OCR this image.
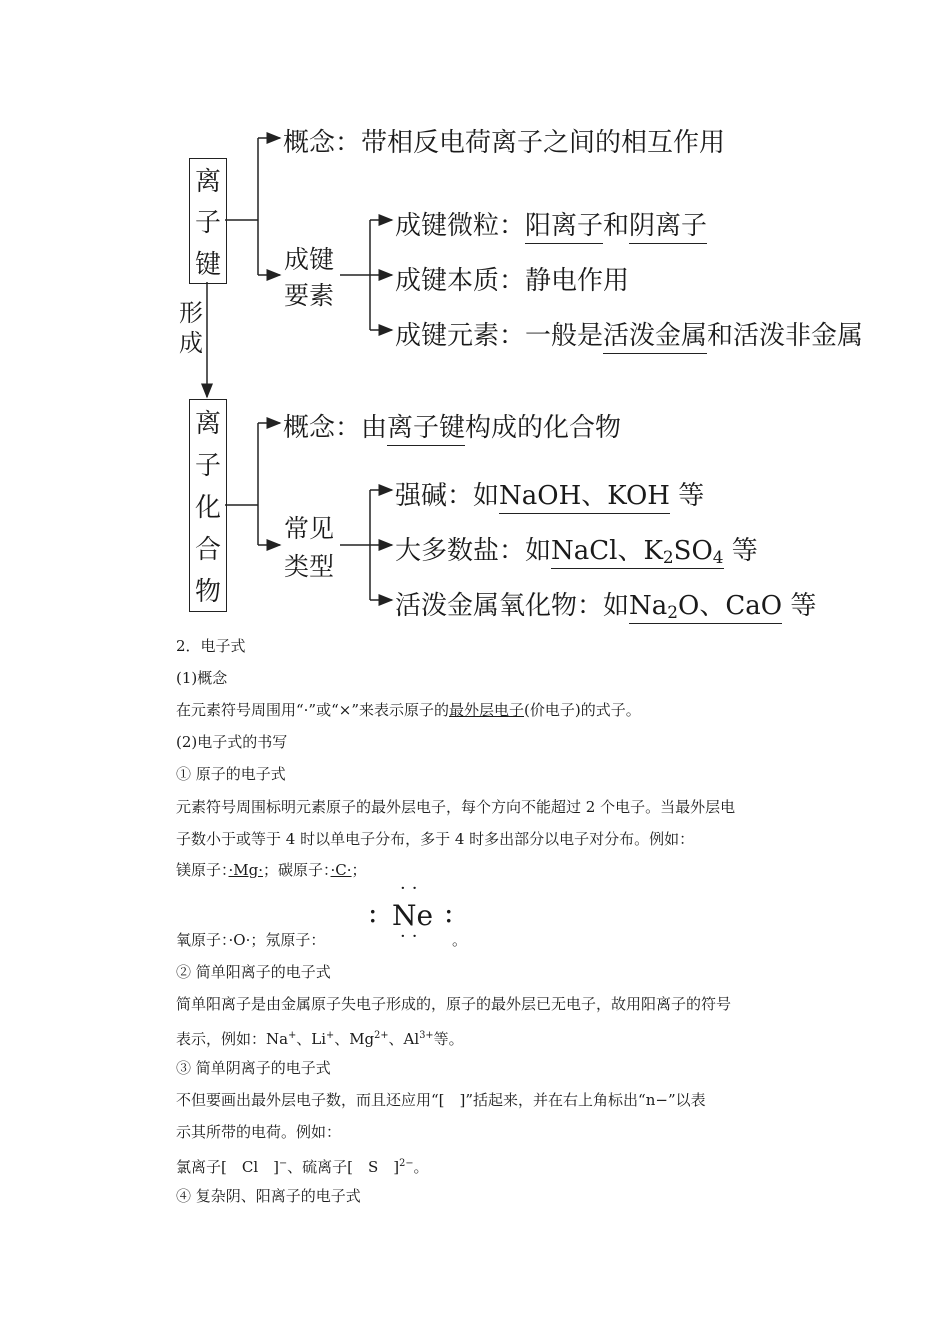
离
子
键
概念：带相反电荷离子之间的相互作用
成键
要素
成键微粒：阳离子和阴离子
成键本质：静电作用
成键元素：一般是活泼金属和活泼非金属
形
成
离
子
化
合
物
概念：由离子键构成的化合物
常见
类型
强碱：如NaOH、KOH 等
大多数盐：如NaCl、$K_2SO_4$ 等
活泼金属氧化物：如$Na_2O$、CaO 等
2．电子式
(1)概念
在元素符号周围用“·”或“×”来表示原子的最外层电子(价电子)的式子。
(2)电子式的书写
① 原子的电子式
元素符号周围标明元素原子的最外层电子，每个方向不能超过 2 个电子。当最外层电
子数小于或等于 4 时以单电子分布，多于 4 时多出部分以电子对分布。例如：
镁原子：·Mg·；碳原子：·C·；
氧原子：·O·；氖原子：
··
: Ne :
·· 。
② 简单阳离子的电子式
简单阳离子是由金属原子失电子形成的，原子的最外层已无电子，故用阳离子的符号
表示，例如：Na+、Li+、$Mg^{2+}$、$Al^{3+}$等。
③ 简单阴离子的电子式
不但要画出最外层电子数，而且还应用“[　]”括起来，并在右上角标出“n−”以表
示其所带的电荷。例如：
氯离子[　Cl　]−、硫离子[　S　]$^{2-}$。
④ 复杂阴、阳离子的电子式
